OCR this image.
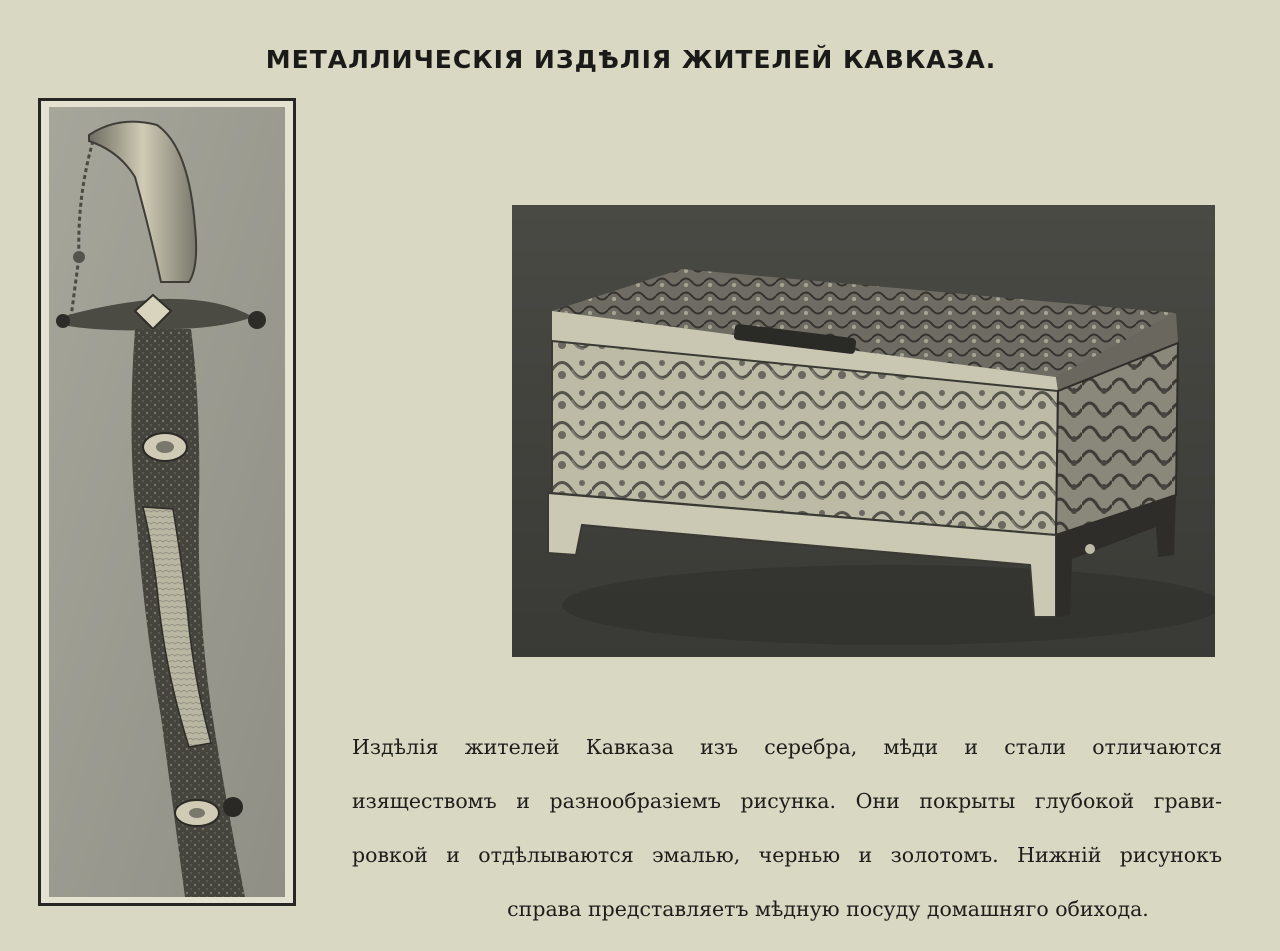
МЕТАЛЛИЧЕСКІЯ ИЗДѢЛІЯ ЖИТЕЛЕЙ КАВКАЗА.
Издѣлія жителей Кавказа изъ серебра, мѣди и стали отличаются
изяществомъ и разнообразіемъ рисунка. Они покрыты глубокой грави-
ровкой и отдѣлываются эмалью, чернью и золотомъ. Нижній рисунокъ
справа представляетъ мѣдную посуду домашняго обихода.
